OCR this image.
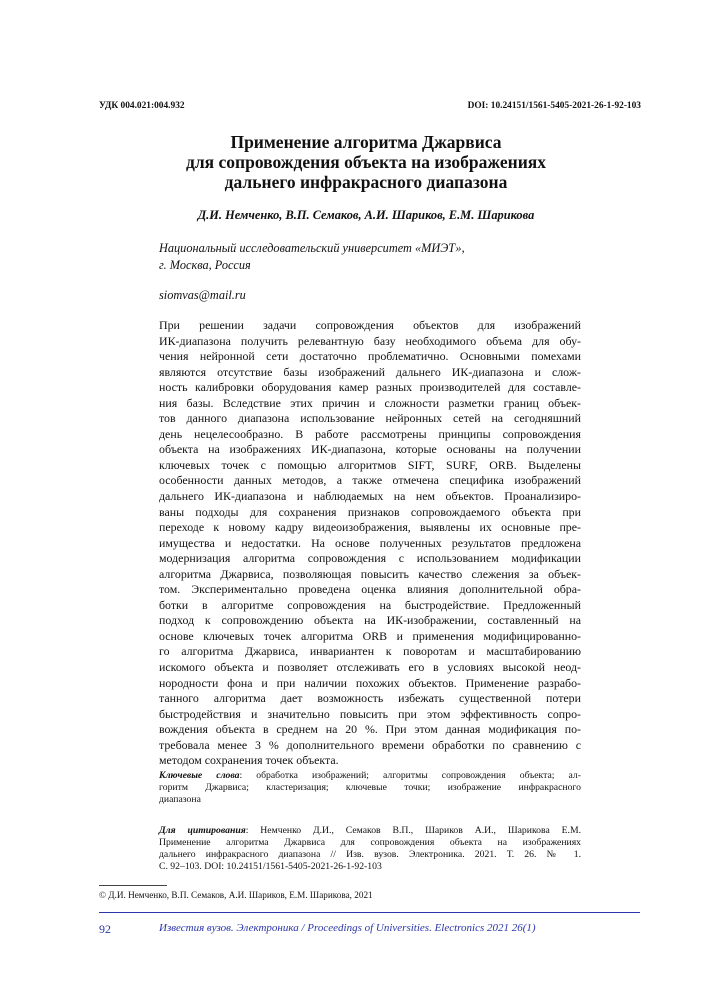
УДК 004.021:004.932	DOI: 10.24151/1561-5405-2021-26-1-92-103
Применение алгоритма Джарвиса
для сопровождения объекта на изображениях
дальнего инфракрасного диапазона
Д.И. Немченко, В.П. Семаков, А.И. Шариков, Е.М. Шарикова
Национальный исследовательский университет «МИЭТ»,
г. Москва, Россия
siomvas@mail.ru
При решении задачи сопровождения объектов для изображений
ИК-диапазона получить релевантную базу необходимого объема для обу-
чения нейронной сети достаточно проблематично. Основными помехами
являются отсутствие базы изображений дальнего ИК-диапазона и слож-
ность калибровки оборудования камер разных производителей для составле-
ния базы. Вследствие этих причин и сложности разметки границ объек-
тов данного диапазона использование нейронных сетей на сегодняшний
день нецелесообразно. В работе рассмотрены принципы сопровождения
объекта на изображениях ИК-диапазона, которые основаны на получении
ключевых точек с помощью алгоритмов SIFT, SURF, ORB. Выделены
особенности данных методов, а также отмечена специфика изображений
дальнего ИК-диапазона и наблюдаемых на нем объектов. Проанализиро-
ваны подходы для сохранения признаков сопровождаемого объекта при
переходе к новому кадру видеоизображения, выявлены их основные пре-
имущества и недостатки. На основе полученных результатов предложена
модернизация алгоритма сопровождения с использованием модификации
алгоритма Джарвиса, позволяющая повысить качество слежения за объек-
том. Экспериментально проведена оценка влияния дополнительной обра-
ботки в алгоритме сопровождения на быстродействие. Предложенный
подход к сопровождению объекта на ИК-изображении, составленный на
основе ключевых точек алгоритма ORB и применения модифицированно-
го алгоритма Джарвиса, инвариантен к поворотам и масштабированию
искомого объекта и позволяет отслеживать его в условиях высокой неод-
нородности фона и при наличии похожих объектов. Применение разрабо-
танного алгоритма дает возможность избежать существенной потери
быстродействия и значительно повысить при этом эффективность сопро-
вождения объекта в среднем на 20 %. При этом данная модификация по-
требовала менее 3 % дополнительного времени обработки по сравнению с
методом сохранения точек объекта.
Ключевые слова: обработка изображений; алгоритмы сопровождения объекта; ал-
горитм Джарвиса; кластеризация; ключевые точки; изображение инфракрасного
диапазона
Для цитирования: Немченко Д.И., Семаков В.П., Шариков А.И., Шарикова Е.М.
Применение алгоритма Джарвиса для сопровождения объекта на изображениях
дальнего инфракрасного диапазона // Изв. вузов. Электроника. 2021. Т. 26. № 1.
С. 92–103. DOI: 10.24151/1561-5405-2021-26-1-92-103
© Д.И. Немченко, В.П. Семаков, А.И. Шариков, Е.М. Шарикова, 2021
92	Известия вузов. Электроника / Proceedings of Universities. Electronics 2021 26(1)
